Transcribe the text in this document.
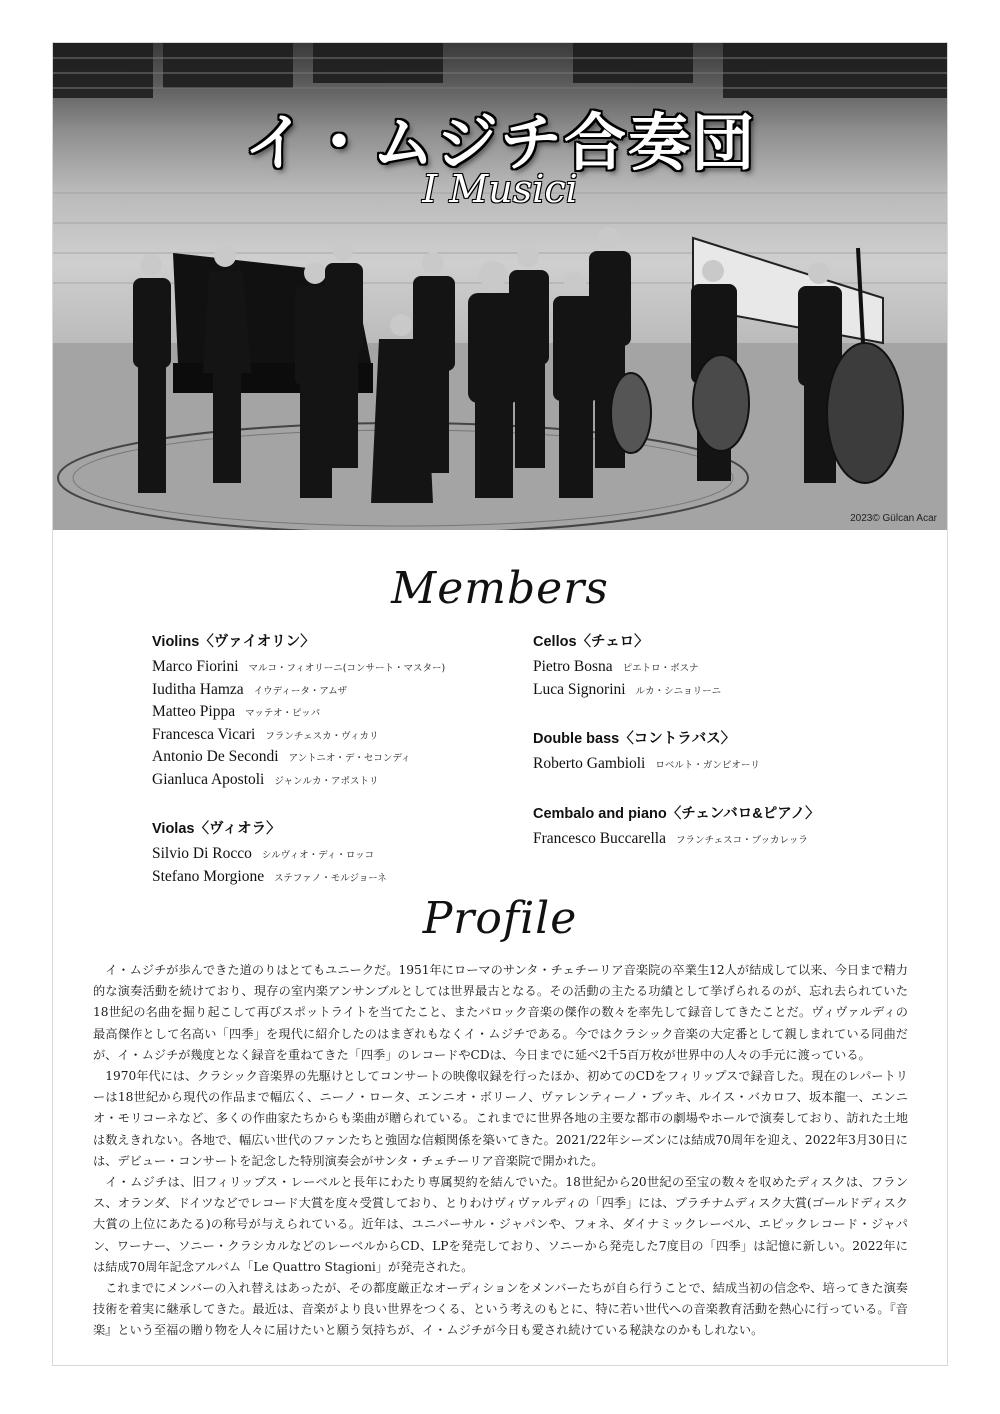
イ・ムジチ合奏団
I Musici
2023© Gülcan Acar
Members
Violins〈ヴァイオリン〉
Marco Fiorini マルコ・フィオリーニ(コンサート・マスター)
Iuditha Hamza イウディータ・アムザ
Matteo Pippa マッテオ・ピッパ
Francesca Vicari フランチェスカ・ヴィカリ
Antonio De Secondi アントニオ・デ・セコンディ
Gianluca Apostoli ジャンルカ・アポストリ
Violas〈ヴィオラ〉
Silvio Di Rocco シルヴィオ・ディ・ロッコ
Stefano Morgione ステファノ・モルジョーネ
Cellos〈チェロ〉
Pietro Bosna ピエトロ・ボスナ
Luca Signorini ルカ・シニョリーニ
Double bass〈コントラバス〉
Roberto Gambioli ロベルト・ガンビオーリ
Cembalo and piano〈チェンバロ&ピアノ〉
Francesco Buccarella フランチェスコ・ブッカレッラ
Profile

イ・ムジチが歩んできた道のりはとてもユニークだ。1951年にローマのサンタ・チェチーリア音楽院の卒業生12人が結成して以来、今日まで精力的な演奏活動を続けており、現存の室内楽アンサンブルとしては世界最古となる。その活動の主たる功績として挙げられるのが、忘れ去られていた18世紀の名曲を掘り起こして再びスポットライトを当てたこと、またバロック音楽の傑作の数々を率先して録音してきたことだ。ヴィヴァルディの最高傑作として名高い「四季」を現代に紹介したのはまぎれもなくイ・ムジチである。今ではクラシック音楽の大定番として親しまれている同曲だが、イ・ムジチが幾度となく録音を重ねてきた「四季」のレコードやCDは、今日までに延べ2千5百万枚が世界中の人々の手元に渡っている。

1970年代には、クラシック音楽界の先駆けとしてコンサートの映像収録を行ったほか、初めてのCDをフィリップスで録音した。現在のレパートリーは18世紀から現代の作品まで幅広く、ニーノ・ロータ、エンニオ・ボリーノ、ヴァレンティーノ・ブッキ、ルイス・バカロフ、坂本龍一、エンニオ・モリコーネなど、多くの作曲家たちからも楽曲が贈られている。これまでに世界各地の主要な都市の劇場やホールで演奏しており、訪れた土地は数えきれない。各地で、幅広い世代のファンたちと強固な信頼関係を築いてきた。2021/22年シーズンには結成70周年を迎え、2022年3月30日には、デビュー・コンサートを記念した特別演奏会がサンタ・チェチーリア音楽院で開かれた。

イ・ムジチは、旧フィリップス・レーベルと長年にわたり専属契約を結んでいた。18世紀から20世紀の至宝の数々を収めたディスクは、フランス、オランダ、ドイツなどでレコード大賞を度々受賞しており、とりわけヴィヴァルディの「四季」には、プラチナムディスク大賞(ゴールドディスク大賞の上位にあたる)の称号が与えられている。近年は、ユニバーサル・ジャパンや、フォネ、ダイナミックレーベル、エピックレコード・ジャパン、ワーナー、ソニー・クラシカルなどのレーベルからCD、LPを発売しており、ソニーから発売した7度目の「四季」は記憶に新しい。2022年には結成70周年記念アルバム「Le Quattro Stagioni」が発売された。

これまでにメンバーの入れ替えはあったが、その都度厳正なオーディションをメンバーたちが自ら行うことで、結成当初の信念や、培ってきた演奏技術を着実に継承してきた。最近は、音楽がより良い世界をつくる、という考えのもとに、特に若い世代への音楽教育活動を熱心に行っている。『音楽』という至福の贈り物を人々に届けたいと願う気持ちが、イ・ムジチが今日も愛され続けている秘訣なのかもしれない。
